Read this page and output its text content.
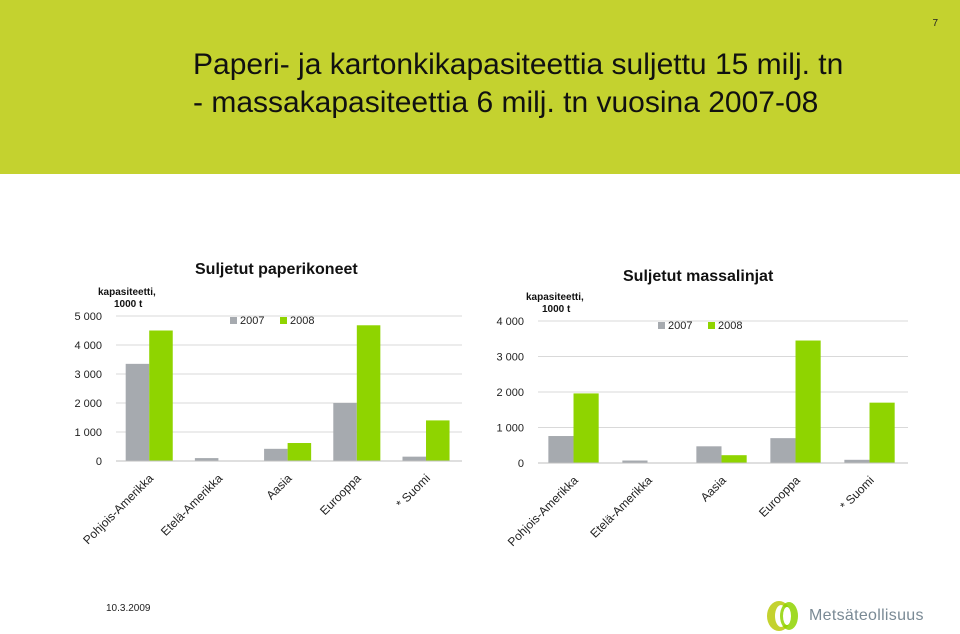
7
Paperi- ja kartonkikapasiteettia suljettu 15 milj. tn
- massakapasiteettia 6 milj. tn vuosina 2007-08
Suljetut paperikoneet
kapasiteetti, 1000 t
0
1 000
2 000
3 000
4 000
5 000	2007 2008
Pohjois-Amerikka Etelä-Amerikka	Aasia Eurooppa * Suomi
Suljetut massalinjat
kapasiteetti, 1000 t
0
1 000
2 000
3 000
4 000	2007 2008
Pohjois-Amerikka Etelä-Amerikka	Aasia Eurooppa	* Suomi
10.3.2009	Metsäteollisuus
